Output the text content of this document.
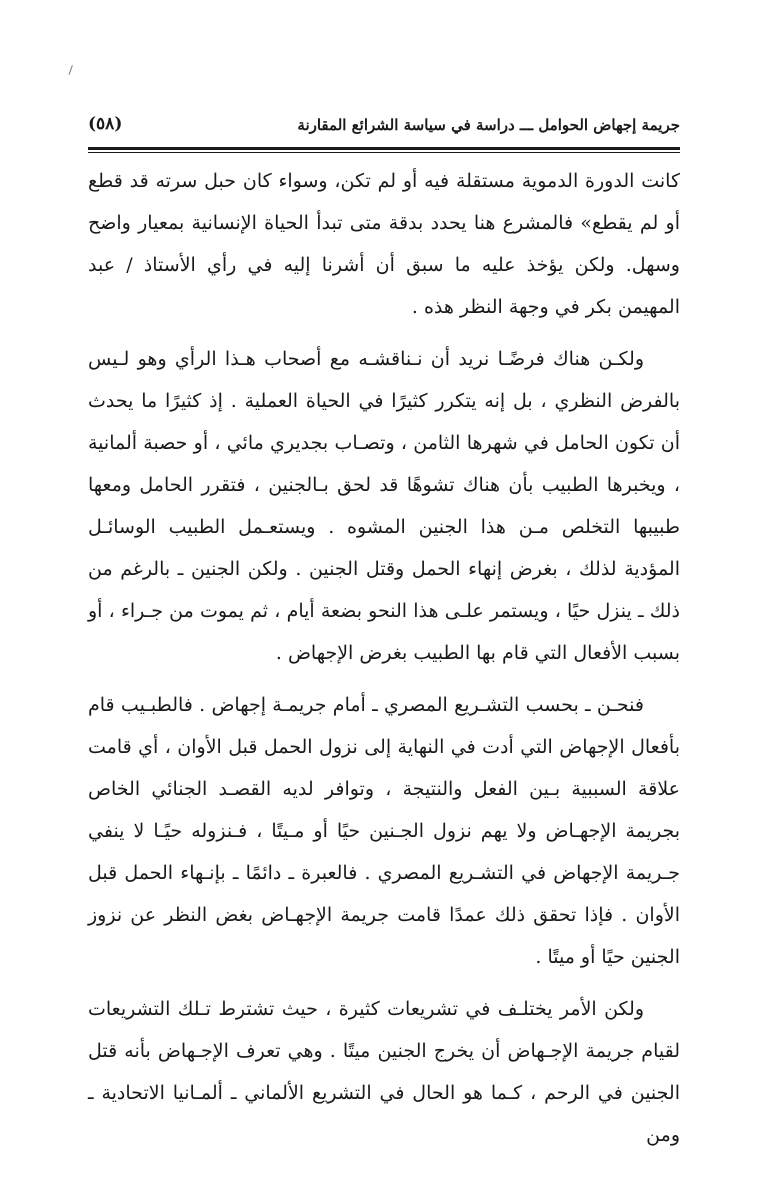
جريمة إجهاض الحوامل ـــ دراسة في سياسة الشرائع المقارنة
(٥٨)

كانت الدورة الدموية مستقلة فيه أو لم تكن، وسواء كان حبل سرته قد قطع أو لم يقطع» فالمشرع هنا يحدد بدقة متى تبدأ الحياة الإنسانية بمعيار واضح وسهل. ولكن يؤخذ عليه ما سبق أن أشرنا إليه في رأي الأستاذ / عبد المهيمن بكر في وجهة النظر هذه .

ولكـن هناك فرضًـا نريد أن نـناقشـه مع أصحاب هـذا الرأي وهو لـيس بالفرض النظري ، بل إنه يتكرر كثيرًا في الحياة العملية . إذ كثيرًا ما يحدث أن تكون الحامل في شهرها الثامن ، وتصـاب بجديري مائي ، أو حصبة ألمانية ، ويخبرها الطبيب بأن هناك تشوهًا قد لحق بـالجنين ، فتقرر الحامل ومعها طبيبها التخلص مـن هذا الجنين المشوه . ويستعـمل الطبيب الوسائـل المؤدية لذلك ، بغرض إنهاء الحمل وقتل الجنين . ولكن الجنين ـ بالرغم من ذلك ـ ينزل حيًا ، ويستمر علـى هذا النحو بضعة أيام ، ثم يموت من جـراء ، أو بسبب الأفعال التي قام بها الطبيب بغرض الإجهاض .

فنحـن ـ بحسب التشـريع المصري ـ أمام جريمـة إجهاض . فالطبـيب قام بأفعال الإجهاض التي أدت في النهاية إلى نزول الحمل قبل الأوان ، أي قامت علاقة السببية بـين الفعل والنتيجة ، وتوافر لديه القصـد الجنائي الخاص بجريمة الإجهـاض ولا يهم نزول الجـنين حيًا أو مـيتًا ، فـنزوله حيًـا لا ينفي جـريمة الإجهاض في التشـريع المصري . فالعبرة ـ دائمًا ـ بإنـهاء الحمل قبل الأوان . فإذا تحقق ذلك عمدًا قامت جريمة الإجهـاض بغض النظر عن نزوز الجنين حيًا أو ميتًا .

ولكن الأمر يختلـف في تشريعات كثيرة ، حيث تشترط تـلك التشريعات لقيام جريمة الإجـهاض أن يخرج الجنين ميتًا . وهي تعرف الإجـهاض بأنه قتل الجنين في الرحم ، كـما هو الحال في التشريع الألماني ـ ألمـانيا الاتحادية ـ ومن
